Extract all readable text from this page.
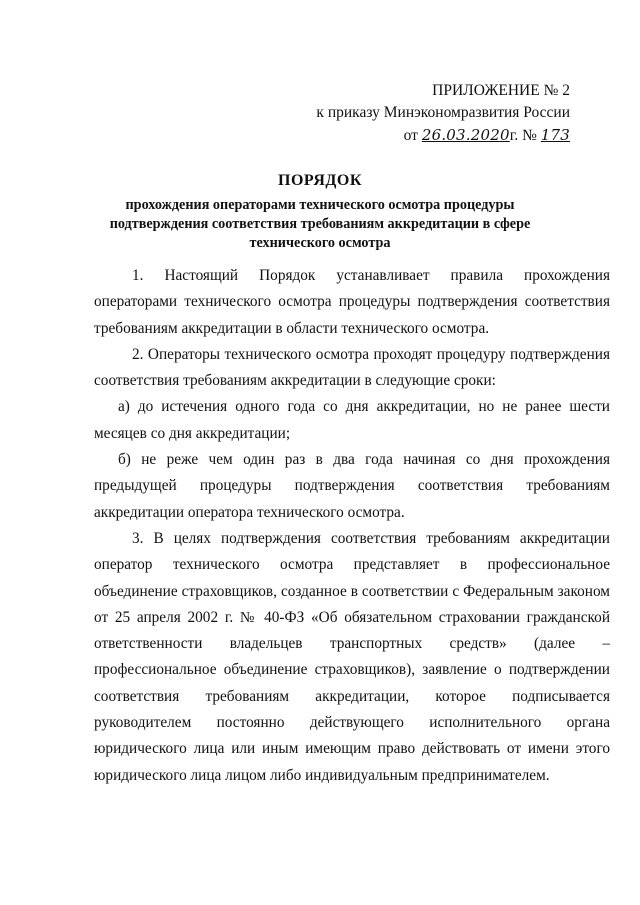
ПРИЛОЖЕНИЕ № 2
к приказу Минэкономразвития России
от 26.03.2020г. № 173
ПОРЯДОК
прохождения операторами технического осмотра процедуры подтверждения соответствия требованиям аккредитации в сфере технического осмотра

1. Настоящий Порядок устанавливает правила прохождения операторами технического осмотра процедуры подтверждения соответствия требованиям аккредитации в области технического осмотра.

2. Операторы технического осмотра проходят процедуру подтверждения соответствия требованиям аккредитации в следующие сроки:

а) до истечения одного года со дня аккредитации, но не ранее шести месяцев со дня аккредитации;

б) не реже чем один раз в два года начиная со дня прохождения предыдущей процедуры подтверждения соответствия требованиям аккредитации оператора технического осмотра.

3. В целях подтверждения соответствия требованиям аккредитации оператор технического осмотра представляет в профессиональное объединение страховщиков, созданное в соответствии с Федеральным законом от 25 апреля 2002 г. № 40-ФЗ «Об обязательном страховании гражданской ответственности владельцев транспортных средств» (далее – профессиональное объединение страховщиков), заявление о подтверждении соответствия требованиям аккредитации, которое подписывается руководителем постоянно действующего исполнительного органа юридического лица или иным имеющим право действовать от имени этого юридического лица лицом либо индивидуальным предпринимателем.
